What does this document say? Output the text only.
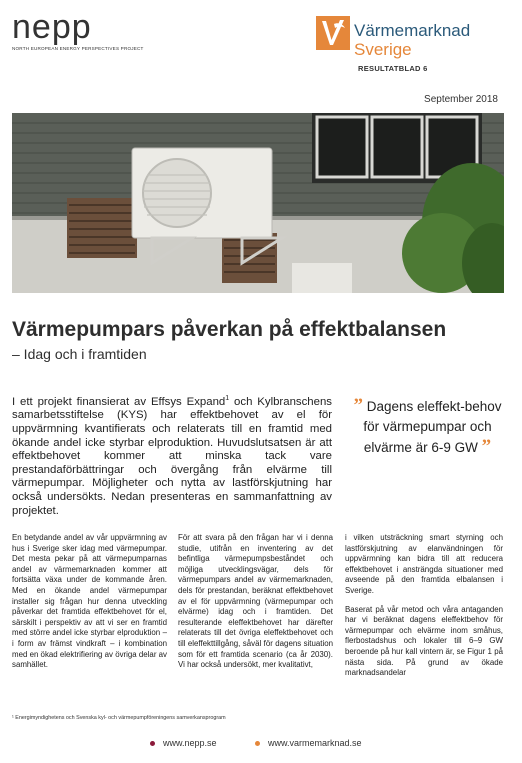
nepp
NORTH EUROPEAN ENERGY PERSPECTIVES PROJECT
Värmemarknad
Sverige
RESULTATBLAD 6
September 2018
Värmepumpars påverkan på effektbalansen
– Idag och i framtiden
I ett projekt finansierat av Effsys Expand$^1$ och Kylbranschens samarbetsstiftelse (KYS) har effektbehovet av el för uppvärmning kvantifierats och relaterats till en framtid med ökande andel icke styrbar elproduktion. Huvudslutsatsen är att effektbehovet kommer att minska tack vare prestandaförbättringar och övergång från elvärme till värmepumpar. Möjligheter och nytta av lastförskjutning har också undersökts. Nedan presenteras en sammanfattning av projektet.
” Dagens eleffekt-behov för värmepumpar och elvärme är 6-9 GW ”

En betydande andel av vår uppvärmning av hus i Sverige sker idag med värmepumpar. Det mesta pekar på att värmepumparnas andel av värmemarknaden kommer att fortsätta växa under de kommande åren. Med en ökande andel värmepumpar installer sig frågan hur denna utveckling påverkar det framtida effektbehovet för el, särskilt i perspektiv av att vi ser en framtid med större andel icke styrbar elproduktion – i form av främst vindkraft – i kombination med en ökad elektrifiering av övriga delar av samhället.

För att svara på den frågan har vi i denna studie, utifrån en inventering av det befintliga värmepumpsbeståndet och möjliga utvecklingsvägar, dels för värmepumpars andel av värmemarknaden, dels för prestandan, beräknat effektbehovet av el för uppvärmning (värmepumpar och elvärme) idag och i framtiden. Det resulterande eleffektbehovet har därefter relaterats till det övriga eleffektbehovet och till eleffekttillgång, såväl för dagens situation som för ett framtida scenario (ca år 2030). Vi har också undersökt, mer kvalitativt,

i vilken utsträckning smart styrning och lastförskjutning av elanvändningen för uppvärmning kan bidra till att reducera effektbehovet i ansträngda situationer med avseende på den framtida elbalansen i Sverige.

Baserat på vår metod och våra antaganden har vi beräknat dagens eleffektbehov för värmepumpar och elvärme inom småhus, flerbostadshus och lokaler till 6–9 GW beroende på hur kall vintern är, se Figur 1 på nästa sida. På grund av ökade marknadsandelar

¹ Energimyndighetens och Svenska kyl- och värmepumpföreningens samverkansprogram
www.nepp.se	www.varmemarknad.se
